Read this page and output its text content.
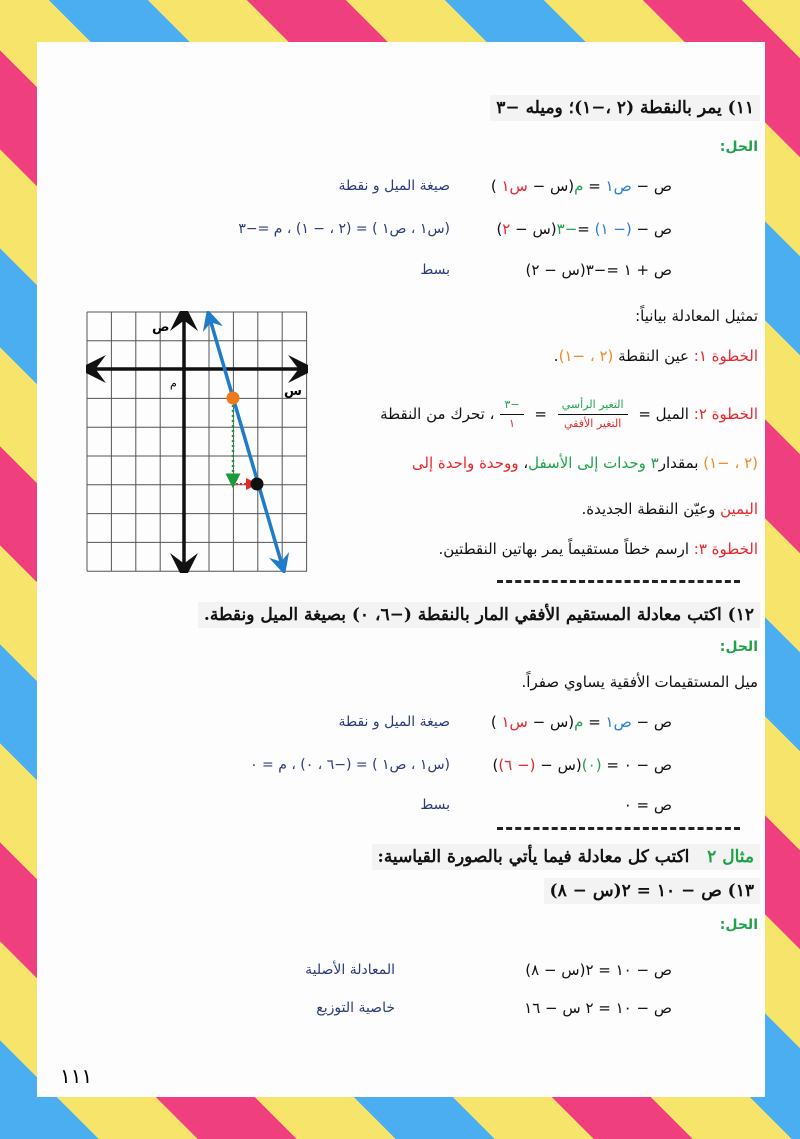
١١) يمر بالنقطة (٢ ،−١)؛ وميله −٣
الحل:
ص − ص١ = م(س − س١ )
صيغة الميل و نقطة
ص − (− ١) =−٣(س − ٢)
(س١ ، ص١ ) = (٢ ، − ١) ، م =−٣
ص + ١ =−٣(س − ٢)
بسط
تمثيل المعادلة بيانياً:
الخطوة ١: عين النقطة (٢ ، −١).
الخطوة ٢: الميل =
$\frac{\text{التغير الرأسي}}{\text{التغير الأفقي}}$
=
$\frac{-٣}{١}$
، تحرك من النقطة
(٢ ، −١) بمقدار٣ وحدات إلى الأسفل، ووحدة واحدة إلى
اليمين وعيّن النقطة الجديدة.
الخطوة ٣: ارسم خطاً مستقيماً يمر بهاتين النقطتين.
ص
س
م
١٢) اكتب معادلة المستقيم الأفقي المار بالنقطة (−٦، ٠) بصيغة الميل ونقطة.
الحل:
ميل المستقيمات الأفقية يساوي صفراً.
ص − ص١ = م(س − س١ )
صيغة الميل و نقطة
ص − ٠ = (٠)(س − (− ٦))
(س١ ، ص١ ) = (−٦ ، ٠) ، م = ٠
ص = ٠
بسط
مثال ٢   اكتب كل معادلة فيما يأتي بالصورة القياسية:
١٣) ص − ١٠ = ٢(س − ٨)
الحل:
ص − ١٠ = ٢(س − ٨)
المعادلة الأصلية
ص − ١٠ = ٢ س − ١٦
خاصية التوزيع
١١١
